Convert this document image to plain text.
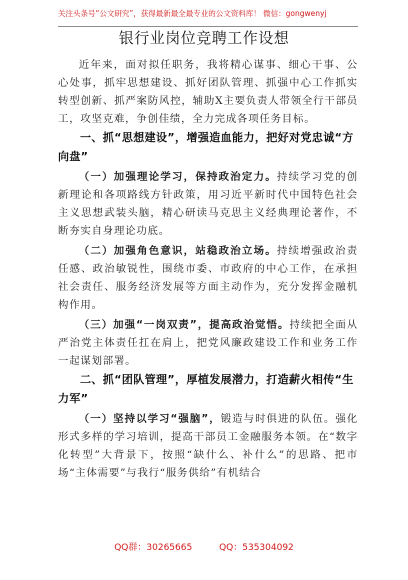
关注头条号“公文研究”，获得最新最全最专业的公文资料库！ 微信：gongwenyj
银行业岗位竞聘工作设想

近年来，面对拟任职务，我将精心谋事、细心干事、公心处事，抓牢思想建设、抓好团队管理、抓强中心工作抓实转型创新、抓严案防风控，辅助X主要负责人带领全行干部员工，攻坚克难，争创佳绩，全力完成各项任务目标。

一、抓“思想建设”，增强造血能力，把好对党忠诚“方向盘”

（一）加强理论学习，保持政治定力。持续学习党的创新理论和各项路线方针政策，用习近平新时代中国特色社会主义思想武装头脑，精心研读马克思主义经典理论著作，不断夯实自身理论功底。

（二）加强角色意识，站稳政治立场。持续增强政治责任感、政治敏锐性，围绕市委、市政府的中心工作，在承担社会责任、服务经济发展等方面主动作为，充分发挥金融机构作用。

（三）加强“一岗双责”，提高政治觉悟。持续把全面从严治党主体责任扛在肩上，把党风廉政建设工作和业务工作一起谋划部署。

二、抓“团队管理”，厚植发展潜力，打造薪火相传“生力军”

（一）坚持以学习“强脑”，锻造与时俱进的队伍。强化形式多样的学习培训，提高干部员工金融服务本领。在“数字化转型”大背景下，按照“缺什么、补什么”的思路、把市场“主体需要”与我行“服务供给”有机结合

QQ群：30265665	QQ：535304092
